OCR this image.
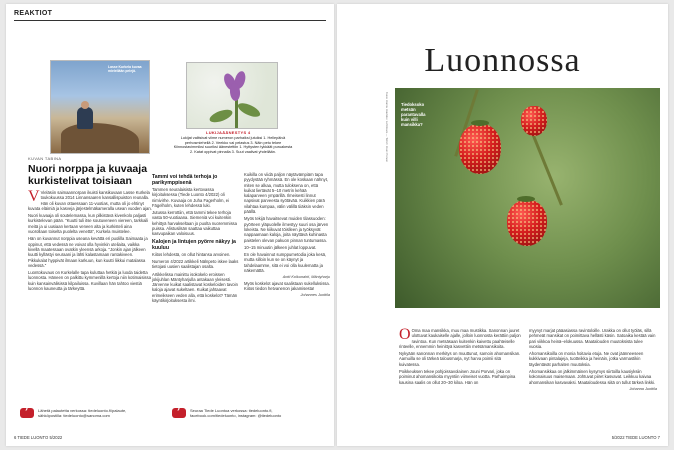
REAKTIOT
Lasse Kurkela kuvaa mielellään pelejä.
KUVAN TABINA
Nuori norppa ja kuvaaja kurkistelivat toisiaan

V Vieläsiin saimaannorpan ikuisti kansikuvaan Lasse Kurkela toukokuussa 2014 Linnansaaren kansallispuiston reunalla. Hän oli kuvan ottaessaan 11-vuotias, mutta oli jo ehtinyt kuvata eläimiä ja kasveja järjestelmäkameralla usean vuoden ajan.

Nuori kuvaaja oli soutelemassa, kun pilkistävä kivenkolo paljasti kurkistelevan pään. "Kuutti tuli itse soutuveneen viereen, tarkkaili meitä ja ui uusiaan kertaan veneen alta ja kurkisteli aina vuorollaan toiselta puolelta venettä", Kurkela muistelee.

Hän on kuvannut norppia useana kevättä eri puolilla Saimaata ja oppinut, että vedessä ne voivat olla hyvinkin uteliaita, vaikka kivellä maatessaan ovatkin yleensä arkoja. "Jonkin ajan jälkeen kuutti kyllästyi seuraani ja lähti kalastamaan rantakiveen. Pikkukalat hyppivät ilmaan karkuun, kun kuutti liikkui matalassa vedessä."

Luontokuvaus on Kurkelalle tapa kuluttaa hetkiä ja luoda taidetta luonnosta. Häneen on palkittu kymmenillä kertoja niin kotimaisissa kuin kansainvälisissä kilpailuissa. Kuvillaan hän tahtoo viestiä luonnon kauneutta ja tärkeyttä.

LUKIJAÄÄNESTYS 4
Lukijat valitsivat viime numeron parhaiksi jutuiksi 1. Hellepäivä perhosmiehellä 2. Veekko vai pelastus 3. Näin petu tekee Kiinnostavimmiksi suuriksi äänestettiin 1. Hyttysten tykkäät puruakesta 2. Katat oppivat pinnalla 3. Suut vaalivat yhdellään.
Tammi voi tehdä terhoja jo parikymppisenä

Tammen seuralaisista kertovassa kirjoituksessa (Tiede Luonto 4/2022) oli nimivirhe. Kuvaaja on Juha Fagerholm, ei Fägelholm, kuten lehdessä luki.

Jutussa kerrottiin, että tammi tekee terhoja vasta 50-vuotiaana. Siemeniä voi kuitenkin kehittyä harvakseltaan jo puolta nuoremmissa puissa. Alistusilsän saattaa vaikuttaa kasvupaikan valoisuus.

Kalojen ja lintujen pyörre näkyy ja kuuluu

Kiitos lehdestä, on ollut hintansa arvoinen.

Numeron 4/2022 artikkeli Nälnpeto iskee laaks tietojasi uusien saalistajan osalta.

Artikkelissa mainittu isokokelo eroissen jokijuhlan Mäntyharjulla antakaan yleisesti. Järvenne kuikat saalistavat koskeloiden tavoin kaloja ajavat sukeltaen. Kuikat jahtaavat erimeikseen veden alla, että koskelot? Tämän käyntikirjoituksesta ilmi.

Kuikilla on viidä paljon näytävämpiäm tapa pyydystää ryhmässä. En ole koskaan nähnyt, miten se alkaa, mutta tuloksena on, että kuikat liertävät 5–10 metrin kehää kalaparveen ympärillä. Ilmeisesti linnut napsivat parveesta syötävää. Kuikkien pärä vilahtaa kumpaa, välin välillä tiiäksin veden päällä.

Myös tekijä havaitsevat muiden tilassuoden: pyörteen yläpuolelle ilmestyy suuri osa järven lokeista. Ne kiikuvat töislleen ja työksyvät nappaamaan kaloja, joita näyttävä kuhinasta paistelen olevan pakuon pinnan tuntumassa.

10–15 minuutin jälkeen juhlat loppuvat.

En ole havainnut sumppumetodia joka kesä, mutta silloin kun se on käynyt ja tahdelaamme, sitä ei voi olla kuulematta ja näkemättä.

Antti Kolkunahti, Mäntyharju

Myös koskelot ajavat saalistaan sukelluksissa. Kiitos tiedon hetvanenon jakamisesta!

Johannes Juottila
›
Lähetä palautetta verkossa: tiedeluonto.fi/palaute, sähköpostilla: tiedeluonto@sanoma.com
›
Seuraa Tiede Luontoa verkossa: tiedeluonto.fi, facebook.com/tiedeluonto, instagram: @tiedeluonto
6 TIEDE LUONTO 5/2022
Luonnossa
Kuva: Hannu Hautala / Lehtikuva — Teksti: Jouni Porvari	Tiedoksoko metsän parantavalla kuin villi mansikka?

O Oma maa mansikka, muu maa mustikka. Sanonnan juuret ulottuvat kaukaiselle ajalle, jolloin luonnosta kerättiin paljon ravintoa. Kun metsäsaan kuitenkin kaivettu paahteiselle rinteelle, ennemmin heinittyä kasvettiin metsämansikoita.

Nykyään sanonnan merkitys on muuttunut, samoin ahomansikan. Aamuilla se oli tärkeä talousmarja, nyt harva poimii sitä kuivatessa.

Poikkeuksen tekee pohjoissavolainen Jouni Porvari, joka on poiminut ahomansikoita myyntiin viimeiset vuotta. Parhaimpina kausina saalis on ollut 20–30 kiloa. Hän on

myynyt marjat pääasiassa ravintoloille. Urakka on ollut työläs, sillä pehmeät mansikat on poimittava hellästi käsin. Satoaika kestää vain pari viikkoa heinä–elokuussa. Maatalouden muutoksista tulee vuosia.

Ahomansikoilla on monia hoitavia etuja. Ne ovat jäänneeseen kukkivaan pintalajeja, tuotteikka ja heinäin, jotka varmastikin täydentävät parhaiten muutoksia.

Ahomansikkaa on jälkimmäinen kysymys siirtoilla kausiyksiin kokonaisuus maisemaan. Johtuvat piiret kasvavat. Leikkuu kaivaa ahomansikan kasvavaksi. Maataloudessa siitä on tullut tärkeä linkki.

Johanna Juottila
5/2022 TIEDE LUONTO 7
